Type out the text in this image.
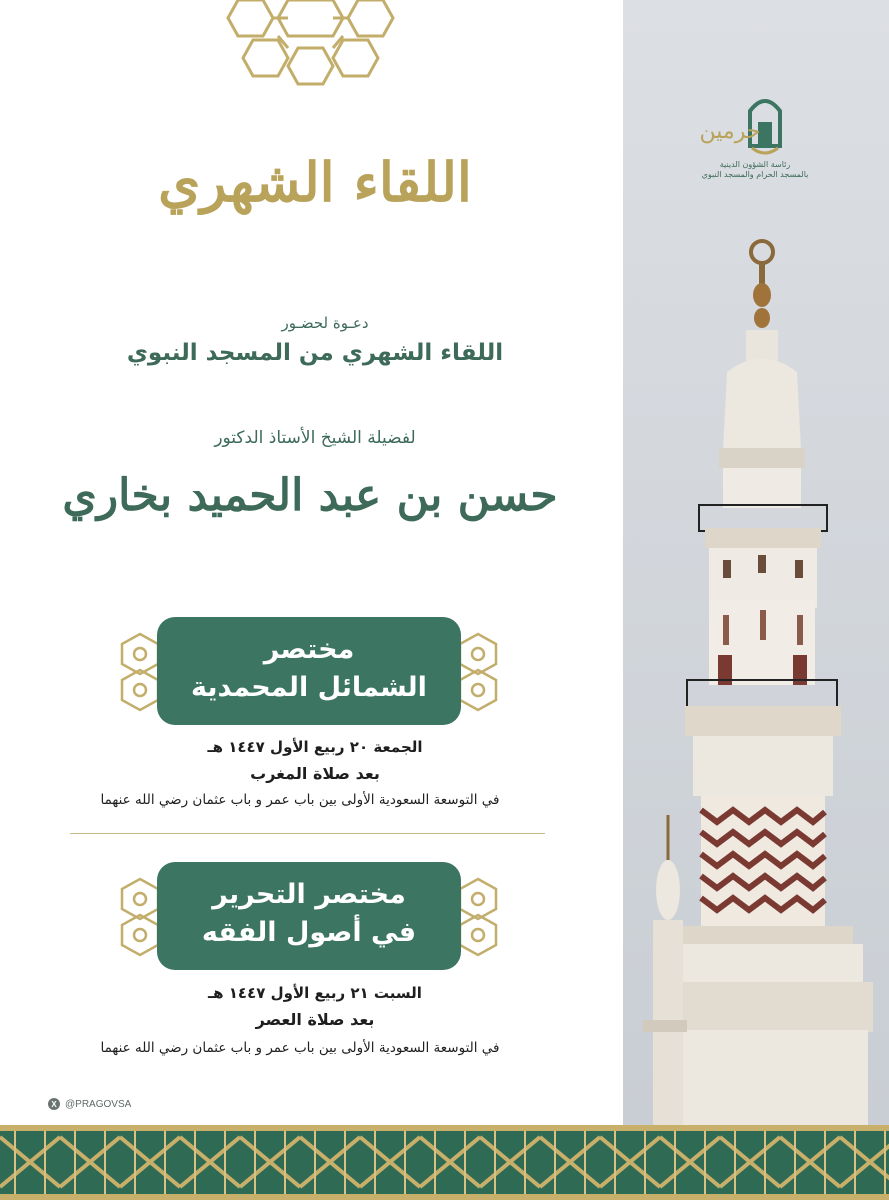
حرمين
رئاسة الشؤون الدينية
بالمسجد الحرام والمسجد النبوي
اللقاء الشهري
دعـوة لحضـور
اللقاء الشهري من المسجد النبوي
لفضيلة الشيخ الأستاذ الدكتور
حسن بن عبد الحميد بخاري
مختصر
الشمائل المحمدية
الجمعة ٢٠ ربيع الأول ١٤٤٧ هـ
بعد صلاة المغرب
في التوسعة السعودية الأولى بين باب عمر و باب عثمان رضي الله عنهما
مختصر التحرير
في أصول الفقه
السبت ٢١ ربيع الأول ١٤٤٧ هـ
بعد صلاة العصر
في التوسعة السعودية الأولى بين باب عمر و باب عثمان رضي الله عنهما
X @PRAGOVSA
